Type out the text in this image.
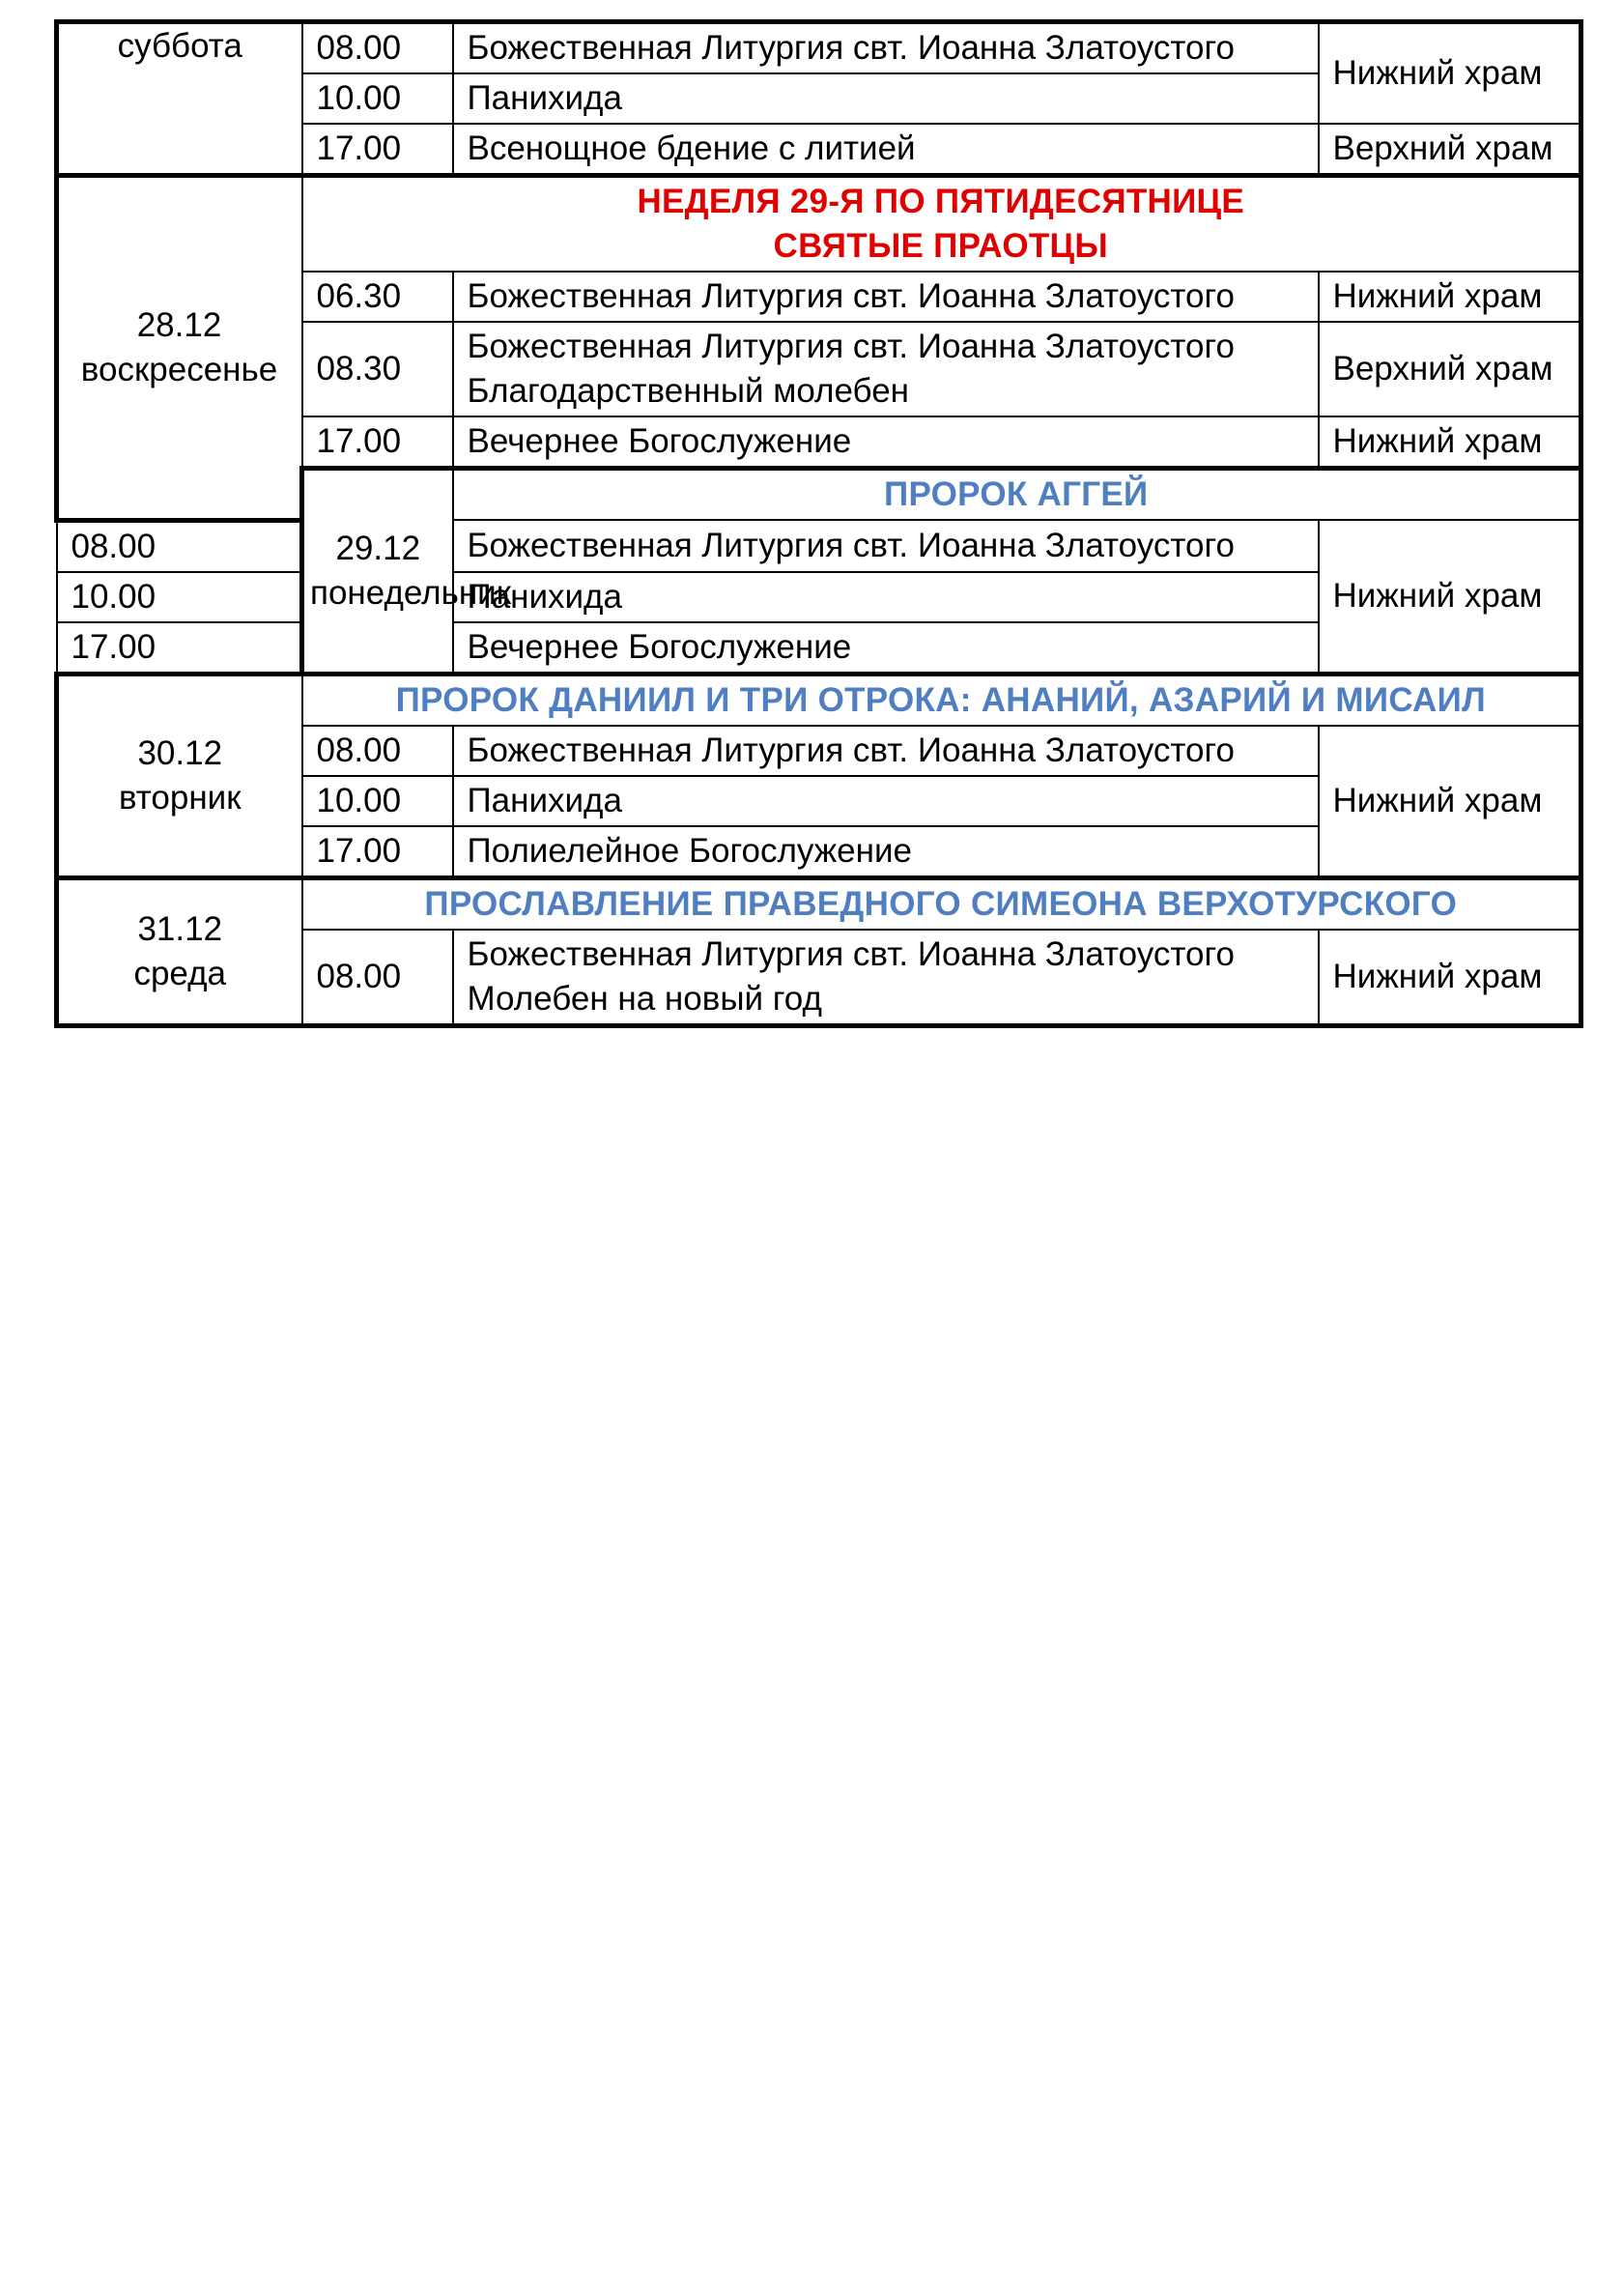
суббота	08.00	Божественная Литургия свт. Иоанна Златоустого	Нижний храм
	10.00	Панихида	
	17.00	Всенощное бдение с литией	Верхний храм

28.12
воскресенье	НЕДЕЛЯ 29-Я ПО ПЯТИДЕСЯТНИЦЕ
СВЯТЫЕ ПРАОТЦЫ		

	06.30	Божественная Литургия свт. Иоанна Златоустого	Нижний храм
	08.30	Божественная Литургия свт. Иоанна Златоустого
Благодарственный молебен	Верхний храм
	17.00	Вечернее Богослужение	Нижний храм

	29.12
понедельник	ПРОРОК АГГЕЙ	
08.00		Божественная Литургия свт. Иоанна Златоустого	Нижний храм
10.00		Панихида	
17.00		Вечернее Богослужение	

30.12
вторник	ПРОРОК ДАНИИЛ И ТРИ ОТРОКА: АНАНИЙ, АЗАРИЙ И МИСАИЛ		
	08.00	Божественная Литургия свт. Иоанна Златоустого	Нижний храм
	10.00	Панихида	
	17.00	Полиелейное Богослужение	

31.12
среда	ПРОСЛАВЛЕНИЕ ПРАВЕДНОГО СИМЕОНА ВЕРХОТУРСКОГО		
	08.00	Божественная Литургия свт. Иоанна Златоустого
Молебен на новый год	Нижний храм
